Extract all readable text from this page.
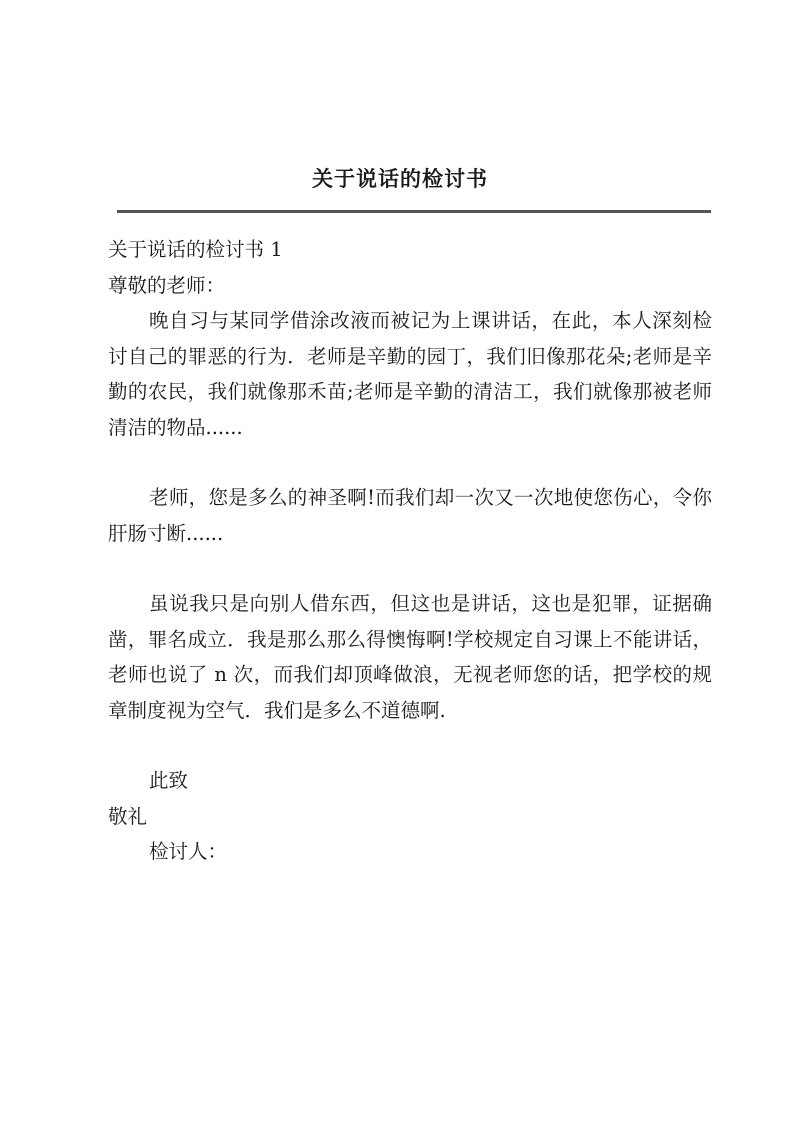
关于说话的检讨书

关于说话的检讨书 1

尊敬的老师：

晚自习与某同学借涂改液而被记为上课讲话，在此，本人深刻检讨自己的罪恶的行为．老师是辛勤的园丁，我们旧像那花朵;老师是辛勤的农民，我们就像那禾苗;老师是辛勤的清洁工，我们就像那被老师清洁的物品......

老师，您是多么的神圣啊!而我们却一次又一次地使您伤心，令你肝肠寸断......

虽说我只是向别人借东西，但这也是讲话，这也是犯罪，证据确凿，罪名成立．我是那么那么得懊悔啊!学校规定自习课上不能讲话，老师也说了 n 次，而我们却顶峰做浪，无视老师您的话，把学校的规章制度视为空气．我们是多么不道德啊.

此致

敬礼

检讨人：
